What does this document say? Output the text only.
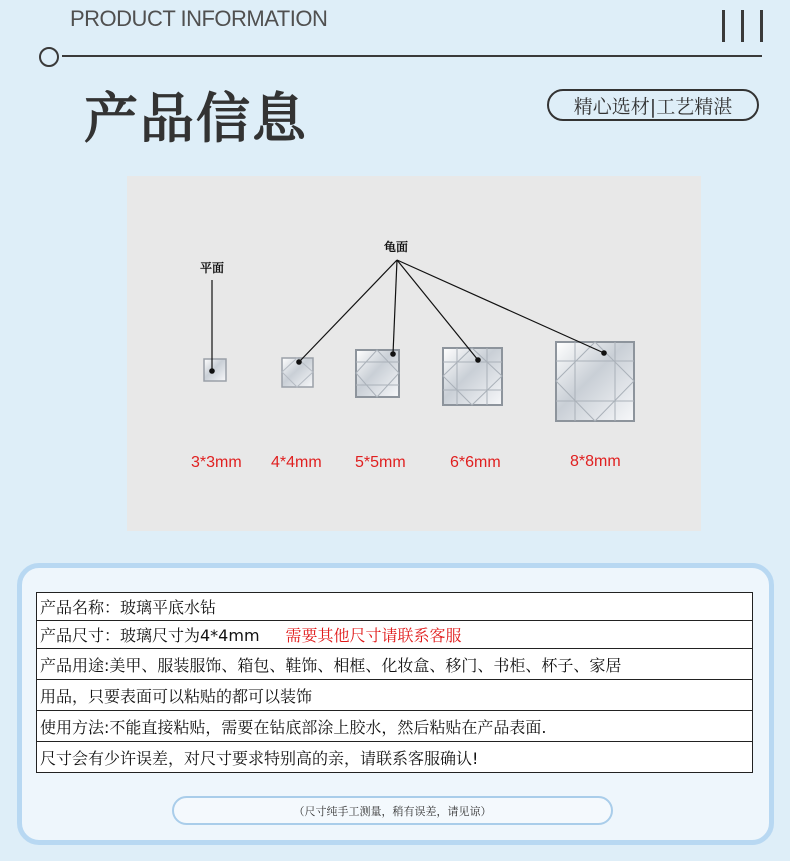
PRODUCT INFORMATION
产品信息	精心选材|工艺精湛
平面
龟面
3*3mm 4*4mm 5*5mm	6*6mm	8*8mm
产品名称：玻璃平底水钻
产品尺寸：玻璃尺寸为4*4mm 需要其他尺寸请联系客服
产品用途:美甲、服装服饰、箱包、鞋饰、相框、化妆盒、移门、书柜、杯子、家居
用品，只要表面可以粘贴的都可以装饰
使用方法:不能直接粘贴，需要在钻底部涂上胶水，然后粘贴在产品表面.
尺寸会有少许误差，对尺寸要求特别高的亲，请联系客服确认!
（尺寸纯手工测量，稍有误差，请见谅）
